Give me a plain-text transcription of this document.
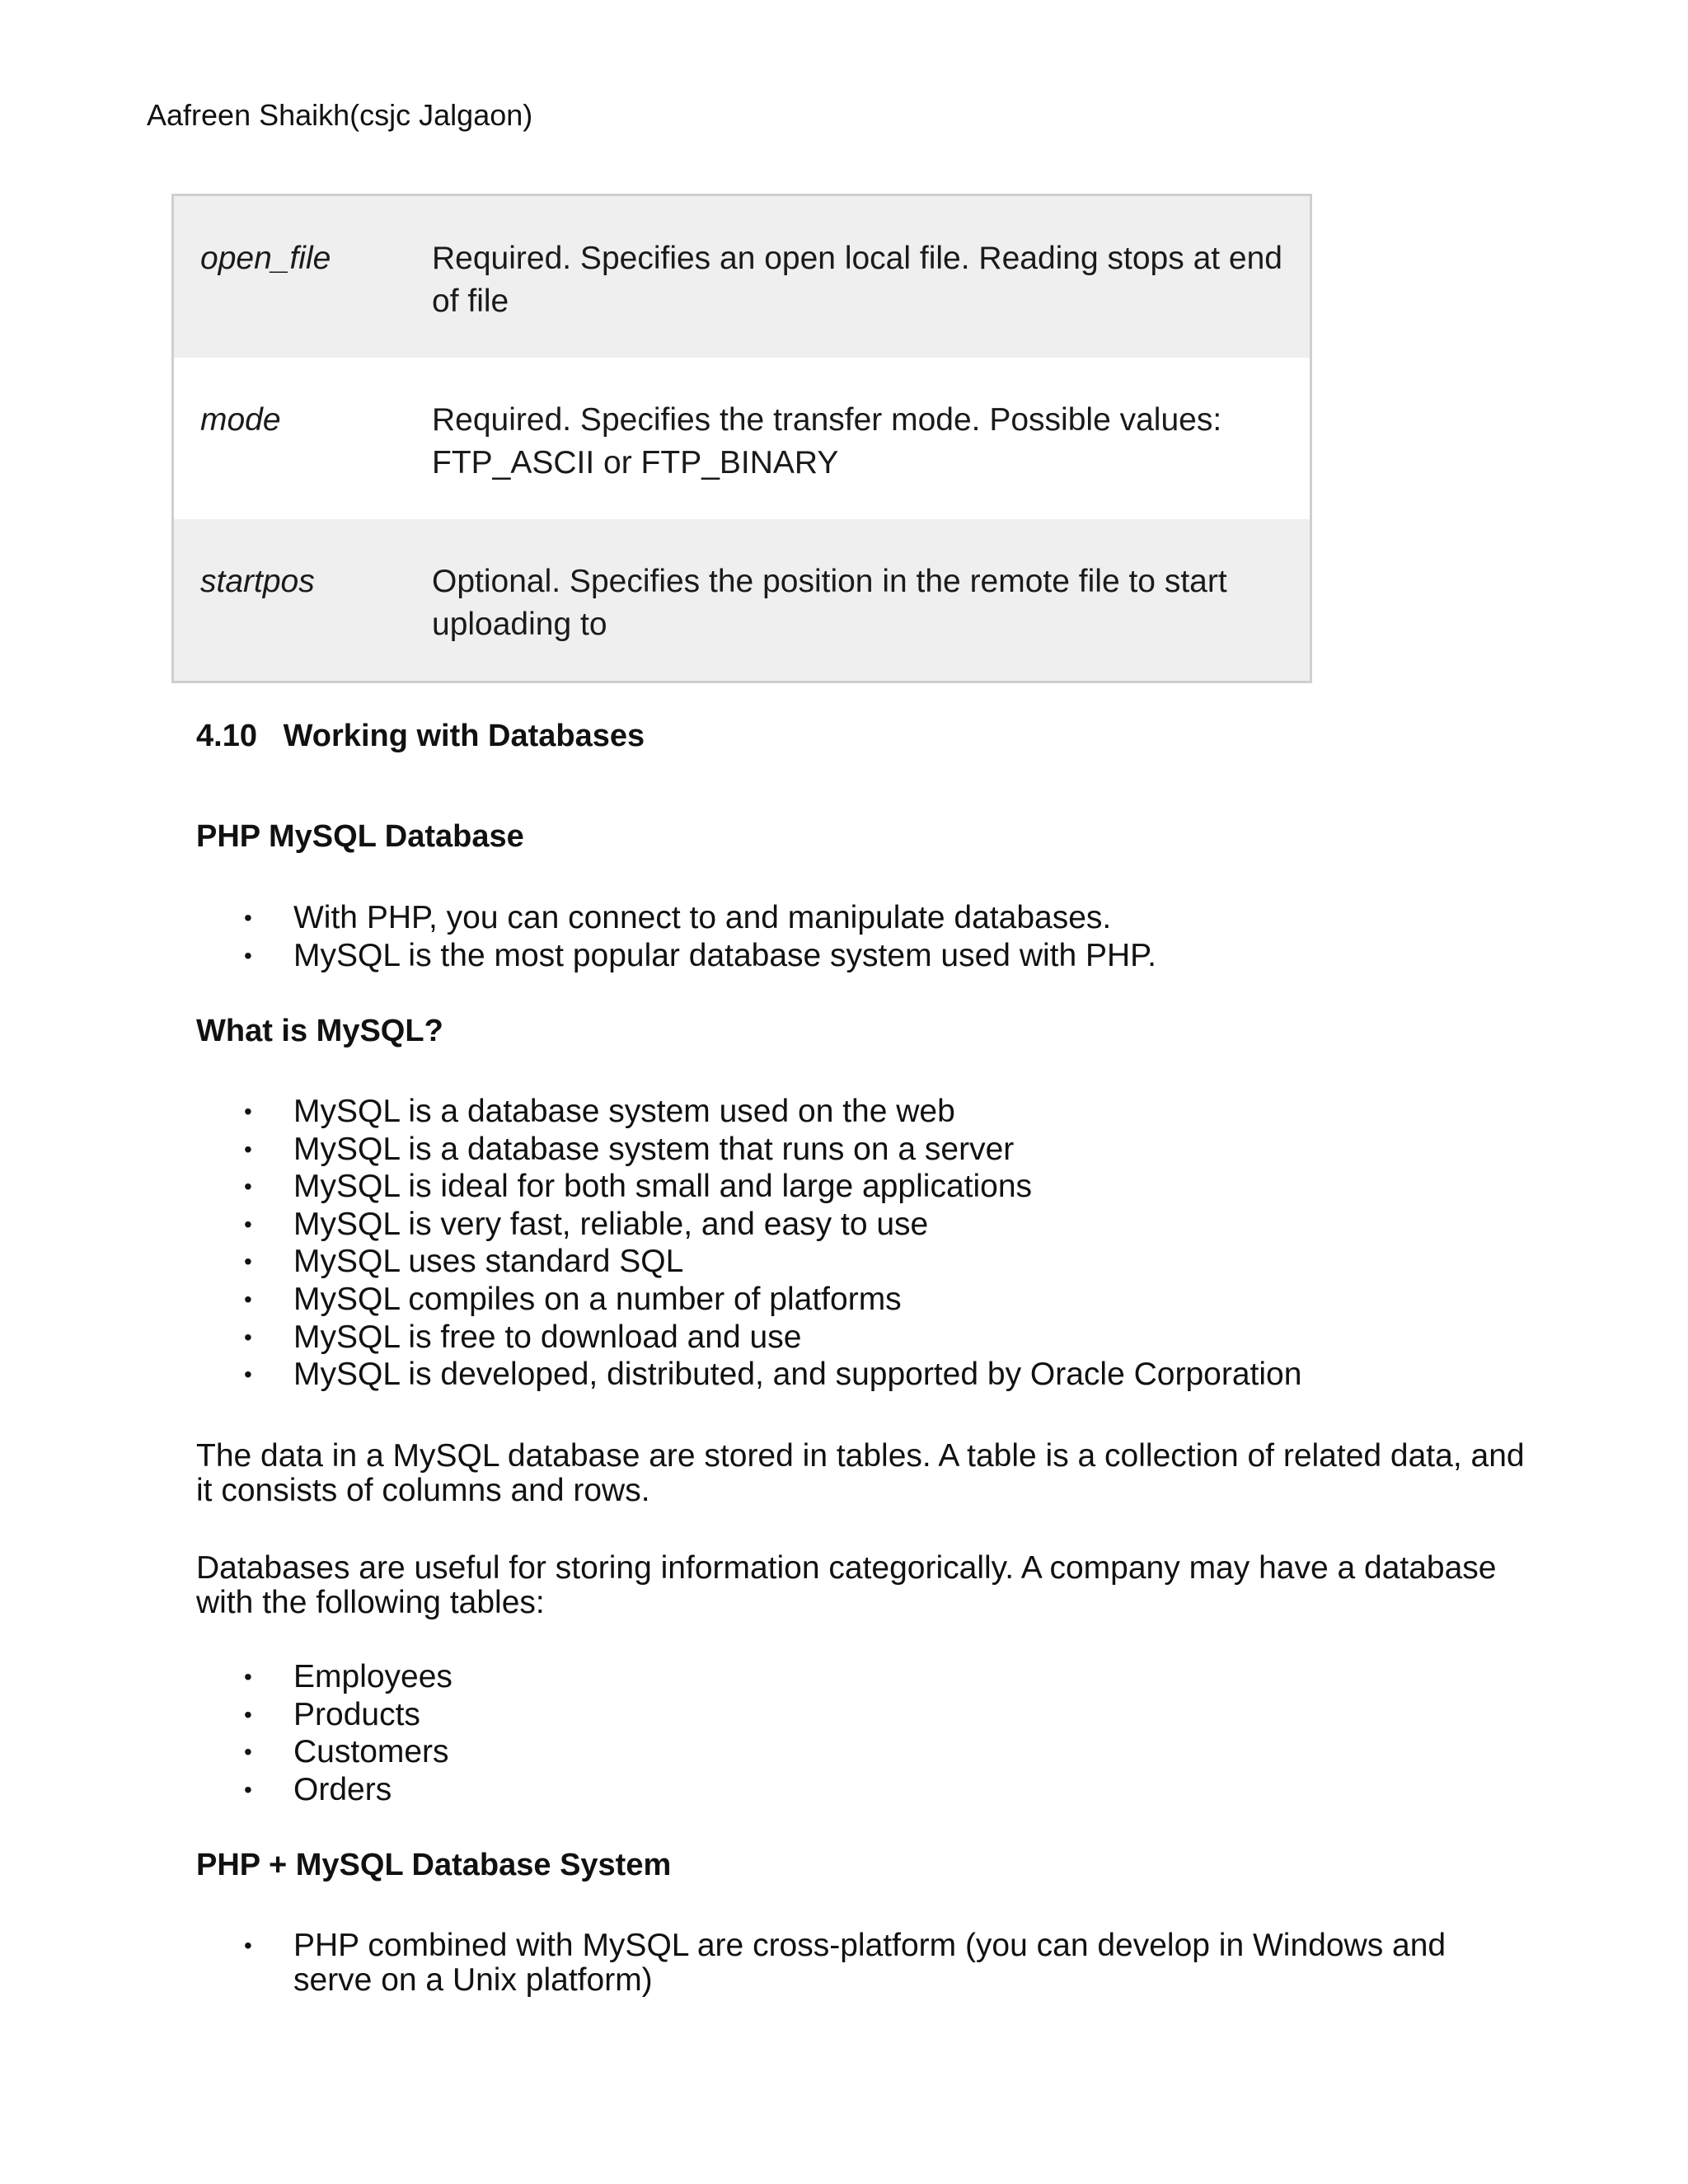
Aafreen Shaikh(csjc Jalgaon)
open_file	Required. Specifies an open local file. Reading stops at end of file
mode	Required. Specifies the transfer mode. Possible values: FTP_ASCII or FTP_BINARY
startpos	Optional. Specifies the position in the remote file to start uploading to
4.10   Working with Databases
PHP MySQL Database
• With PHP, you can connect to and manipulate databases.
• MySQL is the most popular database system used with PHP.
What is MySQL?
• MySQL is a database system used on the web
• MySQL is a database system that runs on a server
• MySQL is ideal for both small and large applications
• MySQL is very fast, reliable, and easy to use
• MySQL uses standard SQL
• MySQL compiles on a number of platforms
• MySQL is free to download and use
• MySQL is developed, distributed, and supported by Oracle Corporation
The data in a MySQL database are stored in tables. A table is a collection of related data, and it consists of columns and rows.
Databases are useful for storing information categorically. A company may have a database with the following tables:
• Employees
• Products
• Customers
• Orders
PHP + MySQL Database System
• PHP combined with MySQL are cross-platform (you can develop in Windows and serve on a Unix platform)
